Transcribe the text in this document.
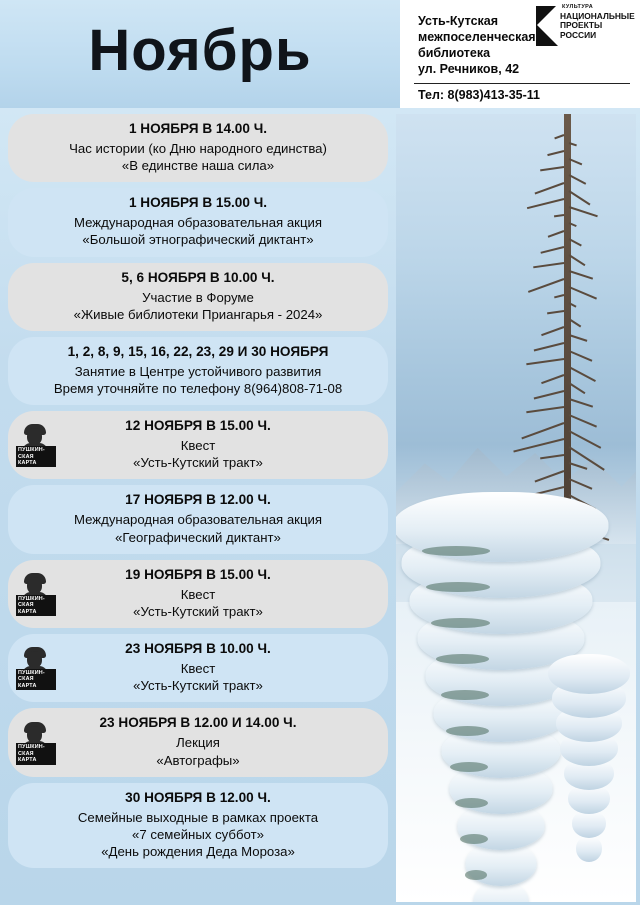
Ноябрь	Усть-Кутская
межпоселенческая
библиотека
ул. Речников, 42
Тел: 8(983)413-35-11
КУЛЬТУРА
НАЦИОНАЛЬНЫЕ
ПРОЕКТЫ
РОССИИ
1 НОЯБРЯ В 14.00 Ч.
Час истории (ко Дню народного единства)
«В единстве наша сила»
1 НОЯБРЯ В 15.00 Ч.
Международная образовательная акция
«Большой этнографический диктант»
5, 6 НОЯБРЯ В 10.00 Ч.
Участие в Форуме
«Живые библиотеки Приангарья - 2024»
1, 2, 8, 9, 15, 16, 22, 23, 29 И 30 НОЯБРЯ
Занятие в Центре устойчивого развития
Время уточняйте по телефону 8(964)808-71-08
ПУШКИН-
СКАЯ
КАРТА
12 НОЯБРЯ В 15.00 Ч.
Квест
«Усть-Кутский тракт»
17 НОЯБРЯ В 12.00 Ч.
Международная образовательная акция
«Географический диктант»
ПУШКИН-
СКАЯ
КАРТА
19 НОЯБРЯ В 15.00 Ч.
Квест
«Усть-Кутский тракт»
ПУШКИН-
СКАЯ
КАРТА
23 НОЯБРЯ В 10.00 Ч.
Квест
«Усть-Кутский тракт»
ПУШКИН-
СКАЯ
КАРТА
23 НОЯБРЯ В 12.00 И 14.00 Ч.
Лекция
«Автографы»
30 НОЯБРЯ В 12.00 Ч.
Семейные выходные в рамках проекта
«7 семейных суббот»
«День рождения Деда Мороза»
